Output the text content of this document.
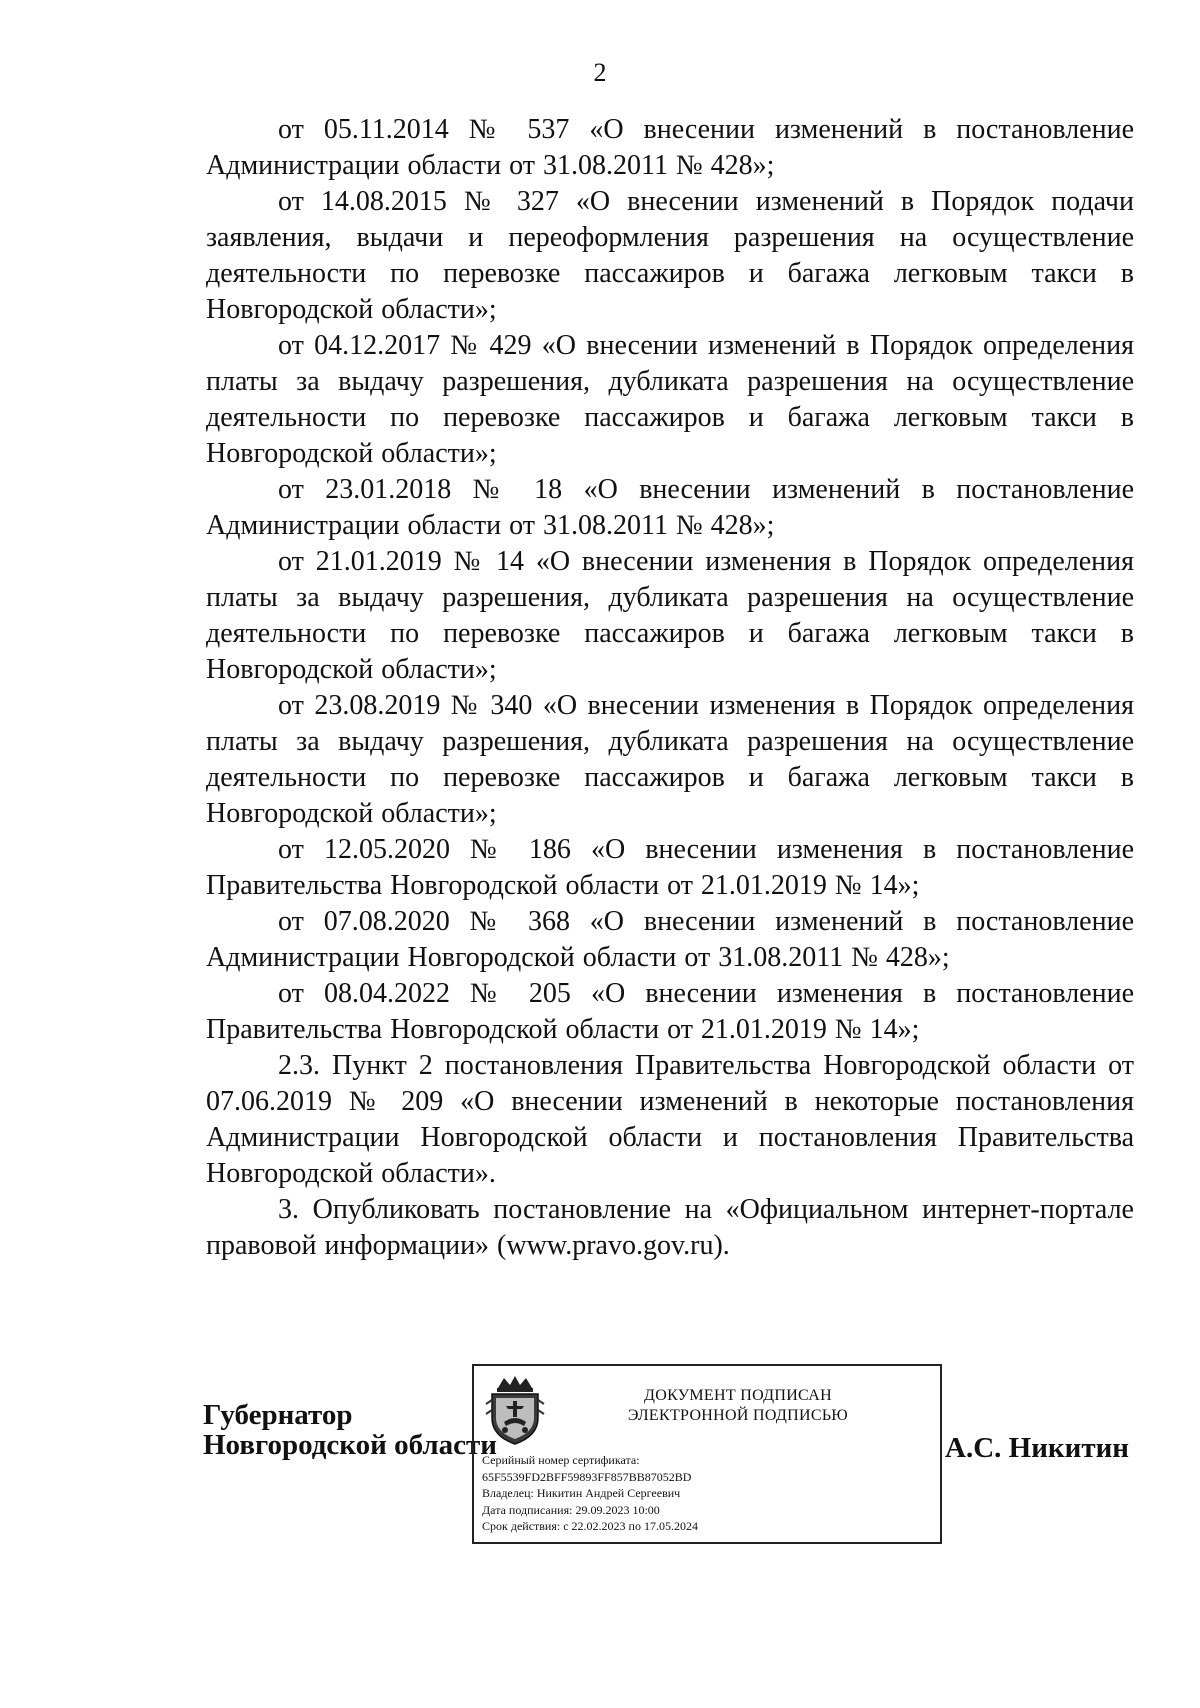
2

от 05.11.2014 № 537 «О внесении изменений в постановление Администрации области от 31.08.2011 № 428»;

от 14.08.2015 № 327 «О внесении изменений в Порядок подачи заявления, выдачи и переоформления разрешения на осуществление деятельности по перевозке пассажиров и багажа легковым такси в Новгородской области»;

от 04.12.2017 № 429 «О внесении изменений в Порядок определения платы за выдачу разрешения, дубликата разрешения на осуществление деятельности по перевозке пассажиров и багажа легковым такси в Новгородской области»;

от 23.01.2018 № 18 «О внесении изменений в постановление Администрации области от 31.08.2011 № 428»;

от 21.01.2019 № 14 «О внесении изменения в Порядок определения платы за выдачу разрешения, дубликата разрешения на осуществление деятельности по перевозке пассажиров и багажа легковым такси в Новгородской области»;

от 23.08.2019 № 340 «О внесении изменения в Порядок определения платы за выдачу разрешения, дубликата разрешения на осуществление деятельности по перевозке пассажиров и багажа легковым такси в Новгородской области»;

от 12.05.2020 № 186 «О внесении изменения в постановление Правительства Новгородской области от 21.01.2019 № 14»;

от 07.08.2020 № 368 «О внесении изменений в постановление Администрации Новгородской области от 31.08.2011 № 428»;

от 08.04.2022 № 205 «О внесении изменения в постановление Правительства Новгородской области от 21.01.2019 № 14»;

2.3. Пункт 2 постановления Правительства Новгородской области от 07.06.2019 № 209 «О внесении изменений в некоторые постановления Администрации Новгородской области и постановления Правительства Новгородской области».

3. Опубликовать постановление на «Официальном интернет-портале правовой информации» (www.pravo.gov.ru).

Губернатор
Новгородской области
ДОКУМЕНТ ПОДПИСАН
ЭЛЕКТРОННОЙ ПОДПИСЬЮ
Серийный номер сертификата:
65F5539FD2BFF59893FF857BB87052BD
Владелец: Никитин Андрей Сергеевич
Дата подписания: 29.09.2023 10:00
Срок действия: с 22.02.2023 по 17.05.2024
А.С. Никитин
